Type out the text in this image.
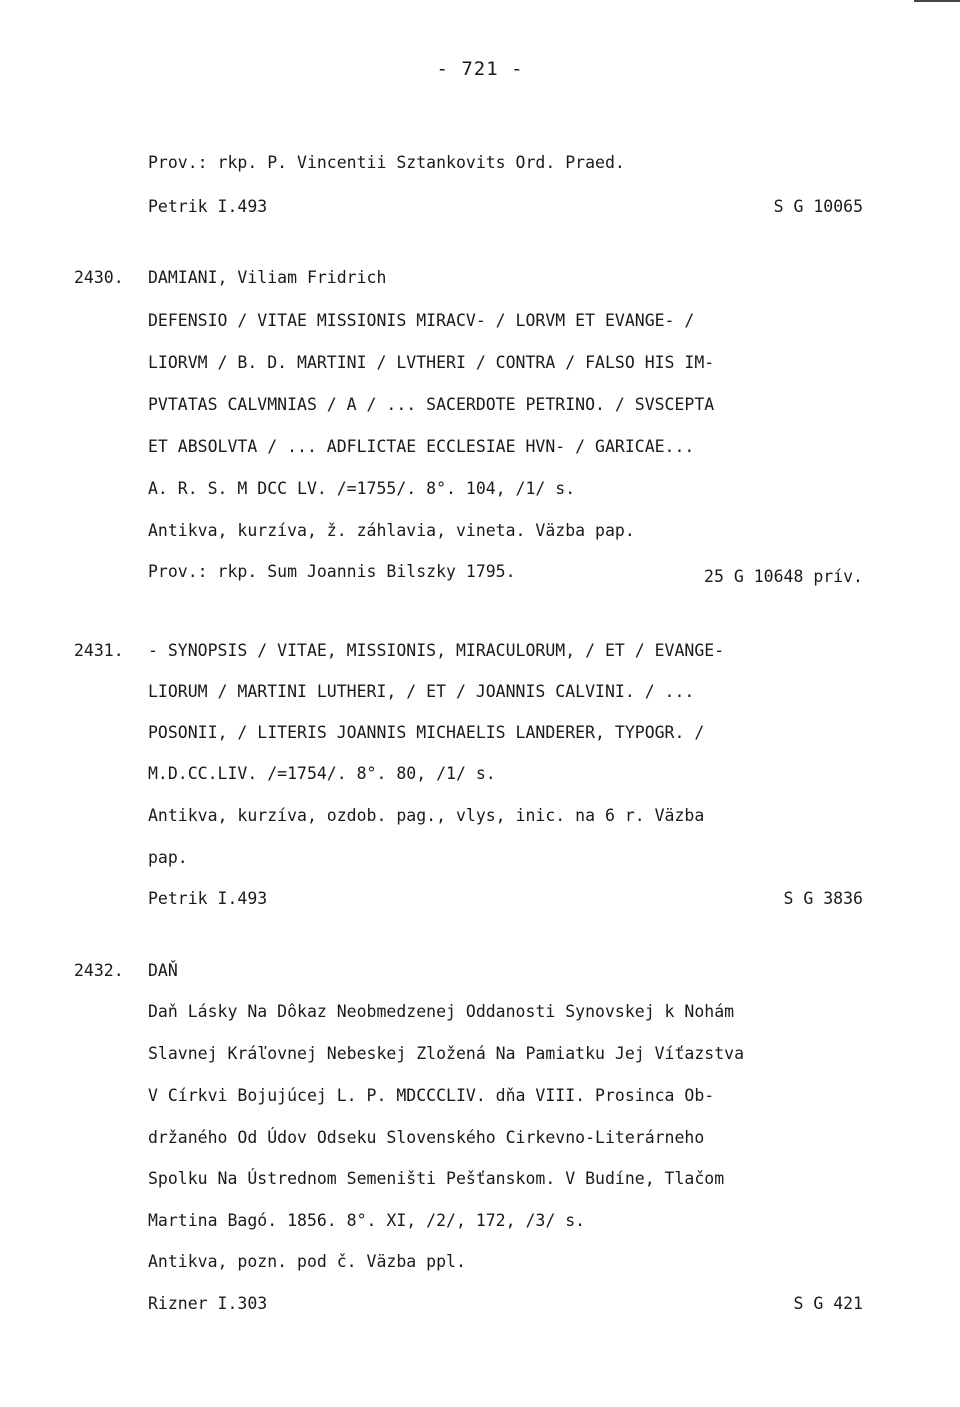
- 721 -
Prov.: rkp. P. Vincentii Sztankovits Ord. Praed.
Petrik I.493	S G 10065
2430. DAMIANI, Viliam Fridrich
DEFENSIO / VITAE MISSIONIS MIRACV- / LORVM ET EVANGE- /
LIORVM / B. D. MARTINI / LVTHERI / CONTRA / FALSO HIS IM-
PVTATAS CALVMNIAS / A / ... SACERDOTE PETRINO. / SVSCEPTA
ET ABSOLVTA / ... ADFLICTAE ECCLESIAE HVN- / GARICAE...
A. R. S. M DCC LV. /=1755/. 8°. 104, /1/ s.
Antikva, kurzíva, ž. záhlavia, vineta. Väzba pap.
Prov.: rkp. Sum Joannis Bilszky 1795.	25 G 10648 prív.
2431. - SYNOPSIS / VITAE, MISSIONIS, MIRACULORUM, / ET / EVANGE-
LIORUM / MARTINI LUTHERI, / ET / JOANNIS CALVINI. / ...
POSONII, / LITERIS JOANNIS MICHAELIS LANDERER, TYPOGR. /
M.D.CC.LIV. /=1754/. 8°. 80, /1/ s.
Antikva, kurzíva, ozdob. pag., vlys, inic. na 6 r. Väzba
pap.
Petrik I.493	S G 3836
2432. DAŇ
Daň Lásky Na Dôkaz Neobmedzenej Oddanosti Synovskej k Nohám
Slavnej Kráľovnej Nebeskej Zložená Na Pamiatku Jej Víťazstva
V Církvi Bojujúcej L. P. MDCCCLIV. dňa VIII. Prosinca Ob-
držaného Od Údov Odseku Slovenského Cirkevno-Literárneho
Spolku Na Ústrednom Semeništi Pešťanskom. V Budíne, Tlačom
Martina Bagó. 1856. 8°. XI, /2/, 172, /3/ s.
Antikva, pozn. pod č. Väzba ppl.
Rizner I.303	S G 421
